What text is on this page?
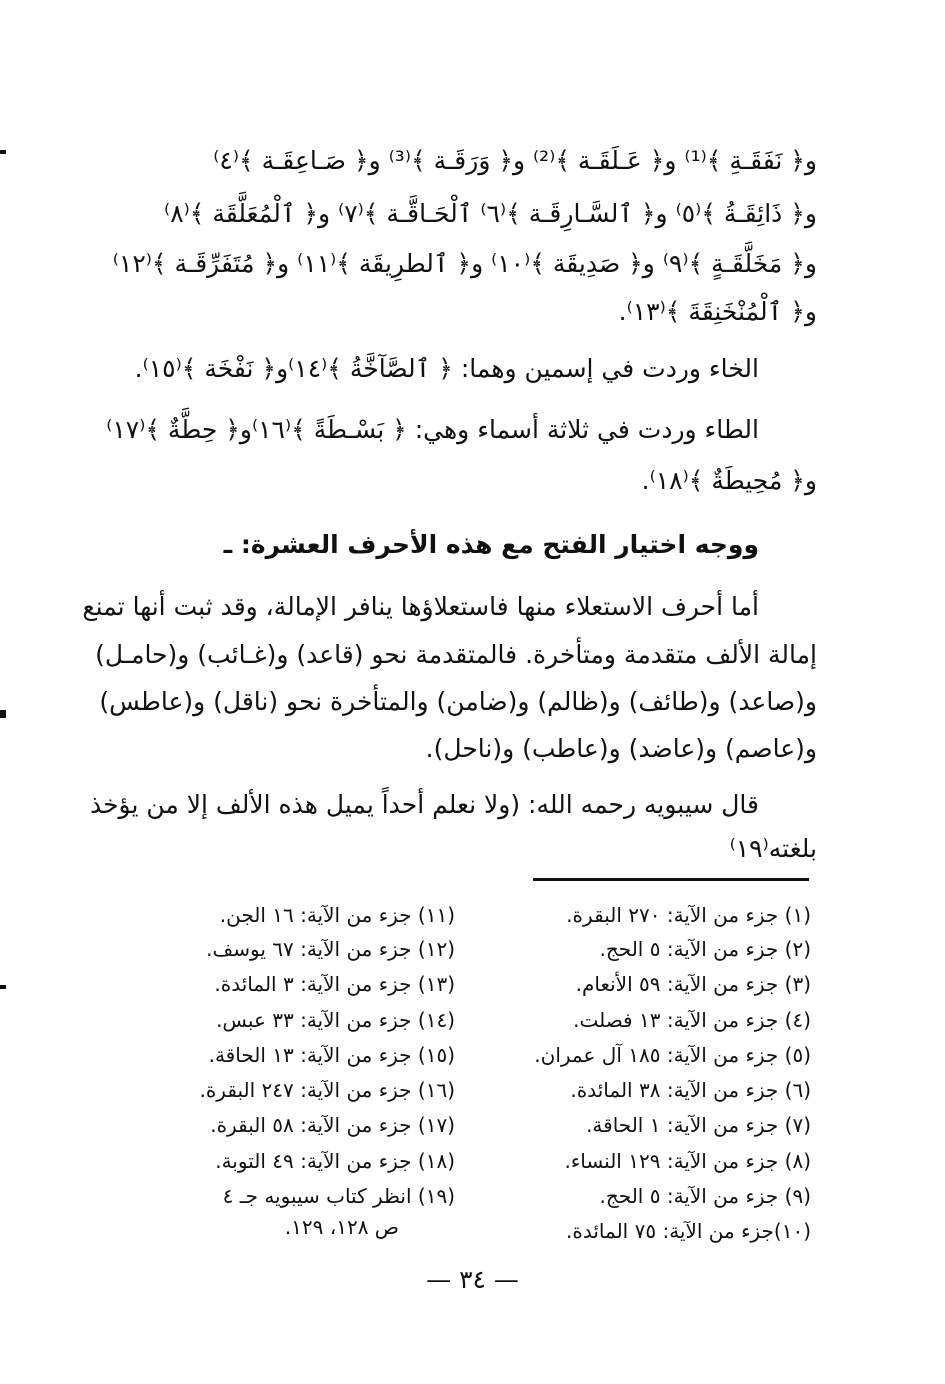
و﴿ نَفَقَـةِ ﴾⁽¹⁾ و﴿ عَـلَقَـة ﴾⁽²⁾ و﴿ وَرَقَـة ﴾⁽³⁾ و﴿ صَـاعِقَـة ﴾⁽٤⁾

و﴿ ذَائِقَـةُ ﴾⁽٥⁾ و﴿ ٱلسَّـارِقَـة ﴾⁽٦⁾ ٱلْحَـاقَّـة ﴾⁽٧⁾ و﴿ ٱلْمُعَلَّقَة ﴾⁽٨⁾

و﴿ مَخَلَّقَـةٍ ﴾⁽٩⁾ و﴿ صَدِيقَة ﴾⁽١٠⁾ و﴿ ٱلطرِيقَة ﴾⁽١١⁾ و﴿ مُتَفَرِّقَـة ﴾⁽١٢⁾

و﴿ ٱلْمُنْخَنِقَةَ ﴾⁽١٣⁾.

الخاء وردت في إسمين وهما: ﴿ ٱلصَّآخَّةُ ﴾⁽١٤⁾و﴿ نَفْخَة ﴾⁽١٥⁾.

الطاء وردت في ثلاثة أسماء وهي: ﴿ بَسْـطَةً ﴾⁽١٦⁾و﴿ حِطَّةٌ ﴾⁽١٧⁾

و﴿ مُحِيطَةٌ ﴾⁽١٨⁾.

ووجه اختيار الفتح مع هذه الأحرف العشرة: ـ

أما أحرف الاستعلاء منها فاستعلاؤها ينافر الإمالة، وقد ثبت أنها تمنع

إمالة الألف متقدمة ومتأخرة. فالمتقدمة نحو (قاعد) و(غـائب) و(حامـل)

و(صاعد) و(طائف) و(ظالم) و(ضامن) والمتأخرة نحو (ناقل) و(عاطس)

و(عاصم) و(عاضد) و(عاطب) و(ناحل).

قال سيبويه رحمه الله: (ولا نعلم أحداً يميل هذه الألف إلا من يؤخذ

بلغته⁽١٩⁾

(١) جزء من الآية: ٢٧٠ البقرة.

(٢) جزء من الآية: ٥ الحج.

(٣) جزء من الآية: ٥٩ الأنعام.

(٤) جزء من الآية: ١٣ فصلت.

(٥) جزء من الآية: ١٨٥ آل عمران.

(٦) جزء من الآية: ٣٨ المائدة.

(٧) جزء من الآية: ١ الحاقة.

(٨) جزء من الآية: ١٢٩ النساء.

(٩) جزء من الآية: ٥ الحج.

(١٠)جزء من الآية: ٧٥ المائدة.

(١١) جزء من الآية: ١٦ الجن.

(١٢) جزء من الآية: ٦٧ يوسف.

(١٣) جزء من الآية: ٣ المائدة.

(١٤) جزء من الآية: ٣٣ عبس.

(١٥) جزء من الآية: ١٣ الحاقة.

(١٦) جزء من الآية: ٢٤٧ البقرة.

(١٧) جزء من الآية: ٥٨ البقرة.

(١٨) جزء من الآية: ٤٩ التوبة.

(١٩) انظر كتاب سيبويه جـ ٤

ص ١٢٨، ١٢٩.

— ٣٤ —
